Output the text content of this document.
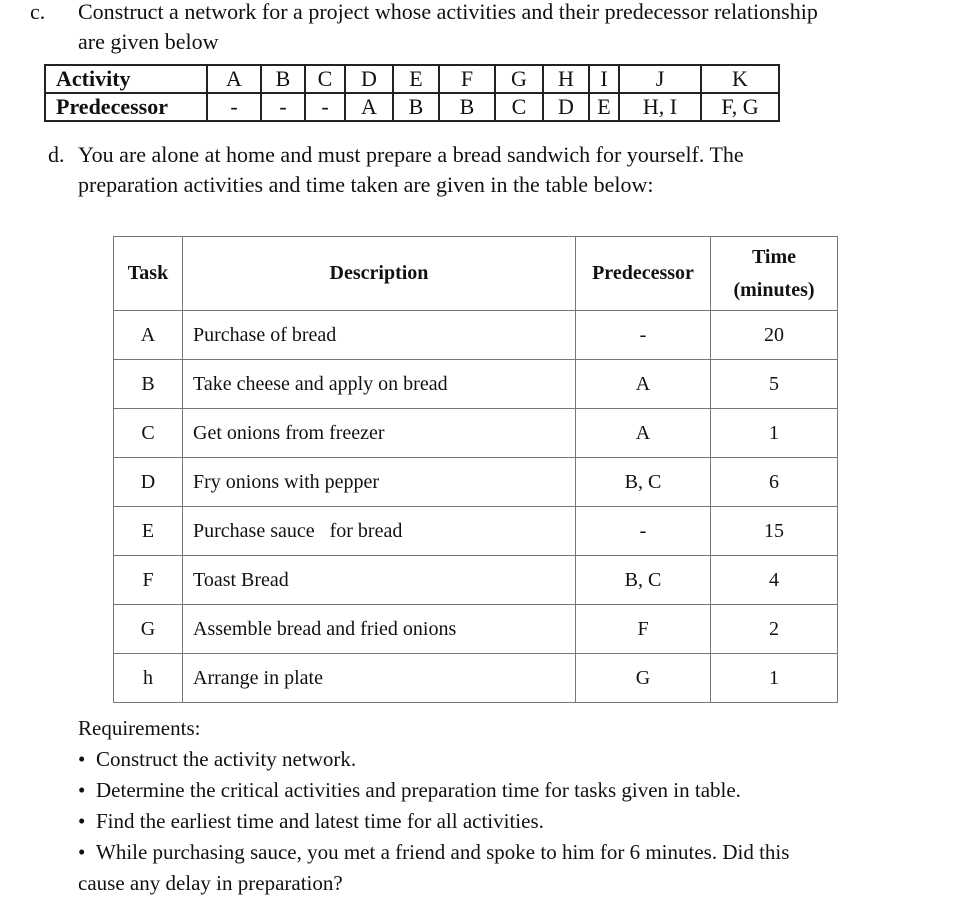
c. Construct a network for a project whose activities and their predecessor relationship
are given below
Activity	A	B	C	D	E	F	G	H	I	J	K
Predecessor	-	-	-	A	B	B	C	D	E	H, I	F, G
d. You are alone at home and must prepare a bread sandwich for yourself. The
preparation activities and time taken are given in the table below:
Task	Description	Predecessor	Time
(minutes)

A	Purchase of bread	-	20
B	Take cheese and apply on bread	A	5
C	Get onions from freezer	A	1
D	Fry onions with pepper	B, C	6
E	Purchase sauce   for bread	-	15
F	Toast Bread	B, C	4
G	Assemble bread and fried onions	F	2
h	Arrange in plate	G	1
Requirements:
• Construct the activity network.
• Determine the critical activities and preparation time for tasks given in table.
• Find the earliest time and latest time for all activities.
• While purchasing sauce, you met a friend and spoke to him for 6 minutes. Did this
cause any delay in preparation?
